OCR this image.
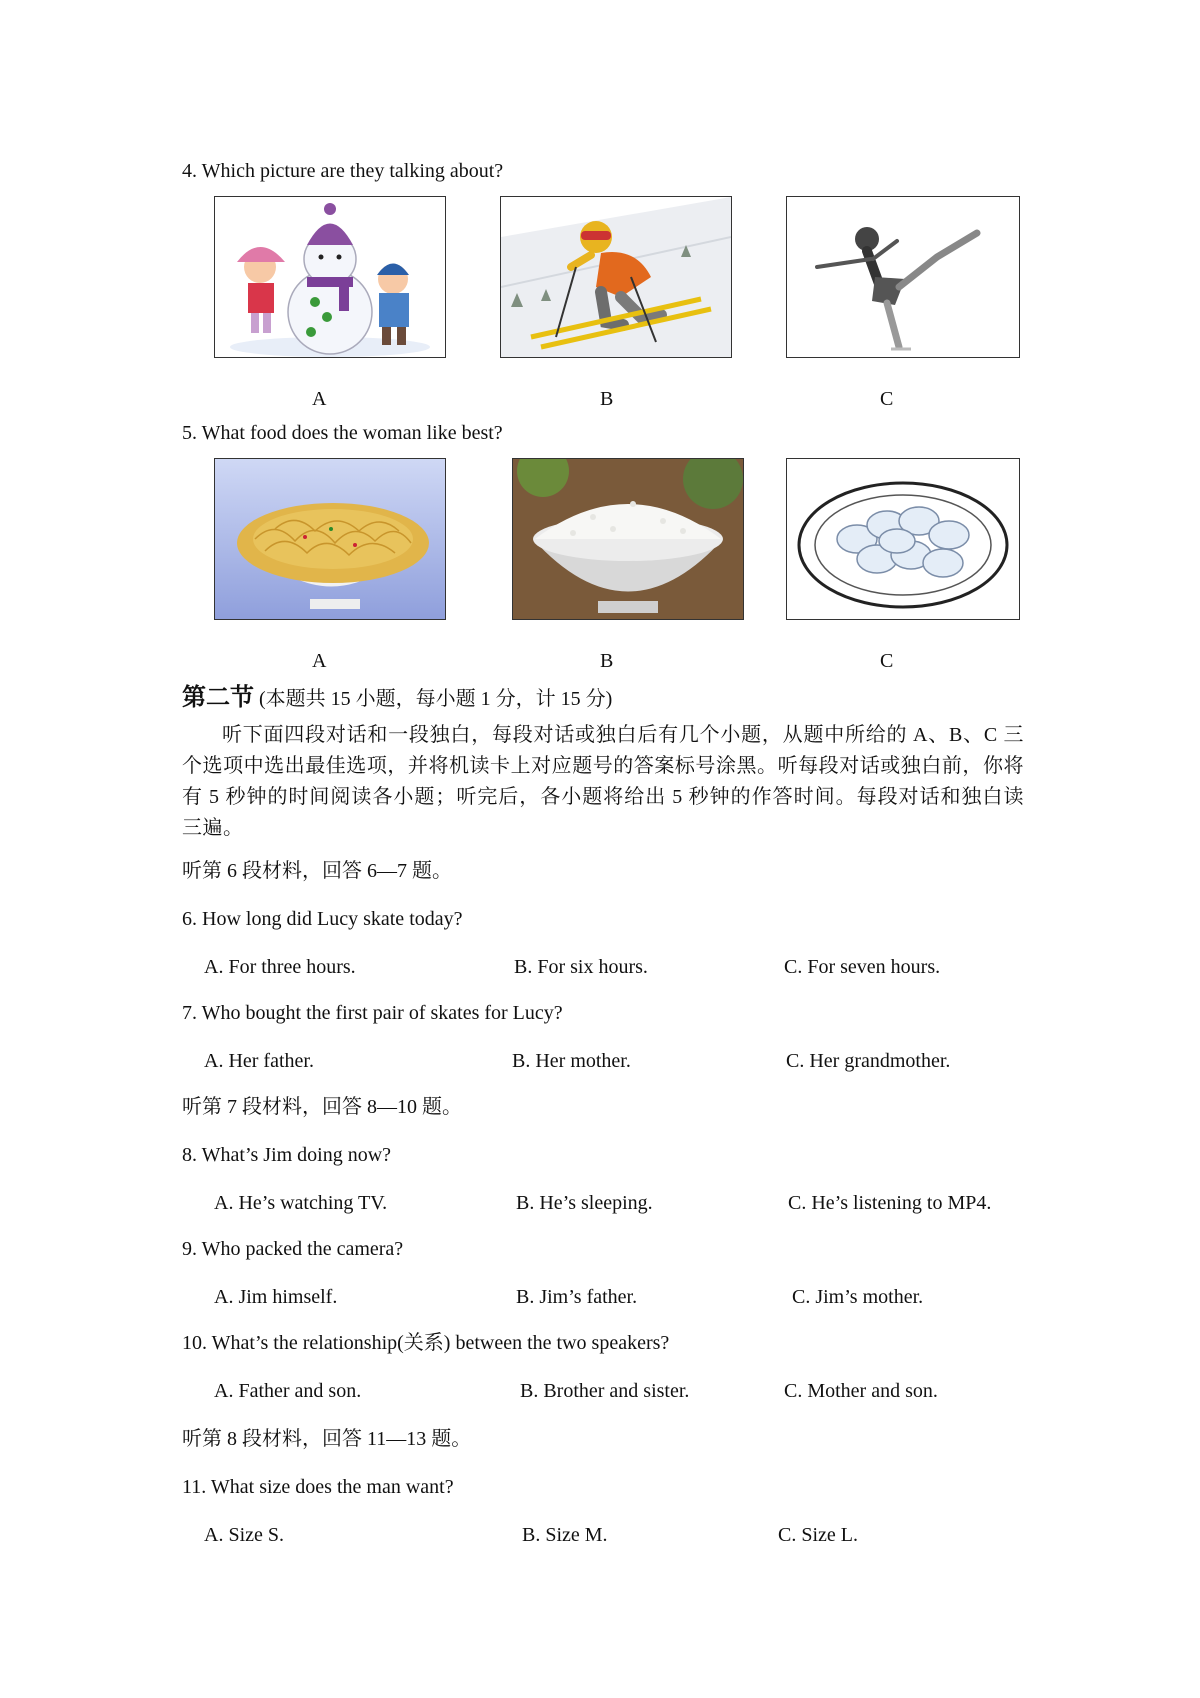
4. Which picture are they talking about?
A	B	C
5. What food does the woman like best?
A	B	C
第二节 (本题共 15 小题，每小题 1 分，计 15 分)
听下面四段对话和一段独白，每段对话或独白后有几个小题，从题中所给的 A、B、C 三个选项中选出最佳选项，并将机读卡上对应题号的答案标号涂黑。听每段对话或独白前，你将有 5 秒钟的时间阅读各小题；听完后，各小题将给出 5 秒钟的作答时间。每段对话和独白读三遍。
听第 6 段材料，回答 6—7 题。
6. How long did Lucy skate today?
A. For three hours.	B. For six hours.	C. For seven hours.
7. Who bought the first pair of skates for Lucy?
A. Her father.	B. Her mother.	C. Her grandmother.
听第 7 段材料，回答 8—10 题。
8. What’s Jim doing now?
A. He’s watching TV.	B. He’s sleeping.	C. He’s listening to MP4.
9. Who packed the camera?
A. Jim himself.	B. Jim’s father.	C. Jim’s mother.
10. What’s the relationship(关系) between the two speakers?
A. Father and son.	B. Brother and sister.	C. Mother and son.
听第 8 段材料，回答 11—13 题。
11. What size does the man want?
A. Size S.	B. Size M.	C. Size L.
